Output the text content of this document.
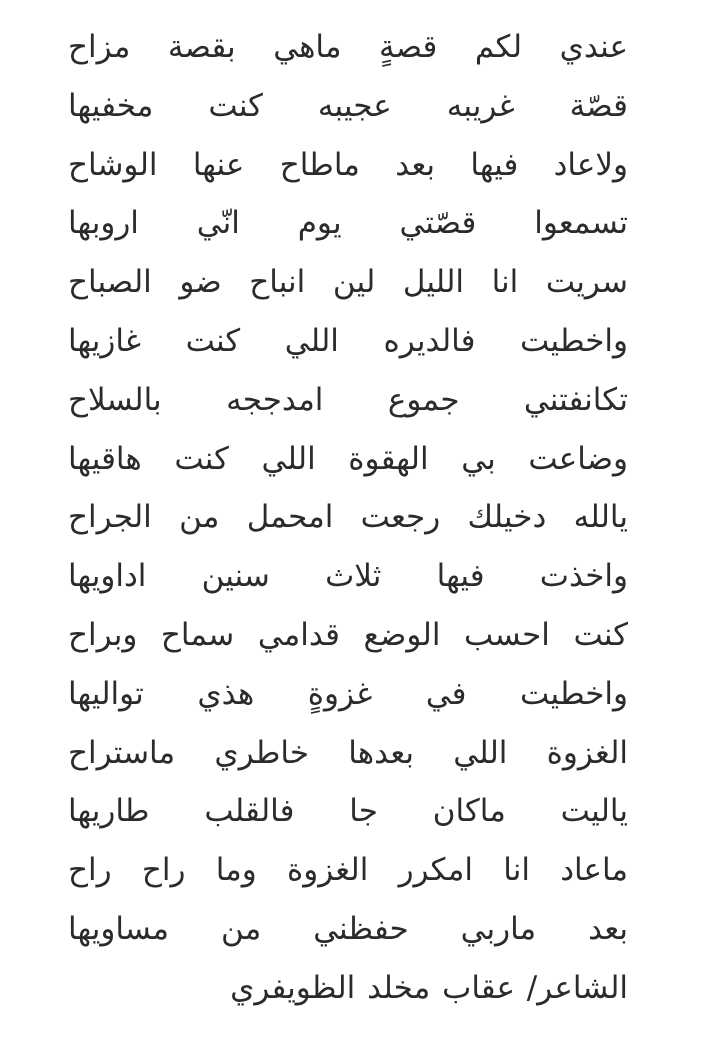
عندي لكم قصةٍ ماهي بقصة مزاح
قصّة غريبه عجيبه كنت مخفيها
ولاعاد فيها بعد ماطاح عنها الوشاح
تسمعوا قصّتي يوم انّي اروبها
سريت انا الليل لين انباح ضو الصباح
واخطيت فالديره اللي كنت غازيها
تكانفتني جموع امدججه بالسلاح
وضاعت بي الهقوة اللي كنت هاقيها
يالله دخيلك رجعت امحمل من الجراح
واخذت فيها ثلاث سنين اداويها
كنت احسب الوضع قدامي سماح وبراح
واخطيت في غزوةٍ هذي تواليها
الغزوة اللي بعدها خاطري ماستراح
ياليت ماكان جا فالقلب طاريها
ماعاد انا امكرر الغزوة وما راح راح
بعد ماربي حفظني من مساويها
الشاعر/ عقاب مخلد الظويفري
